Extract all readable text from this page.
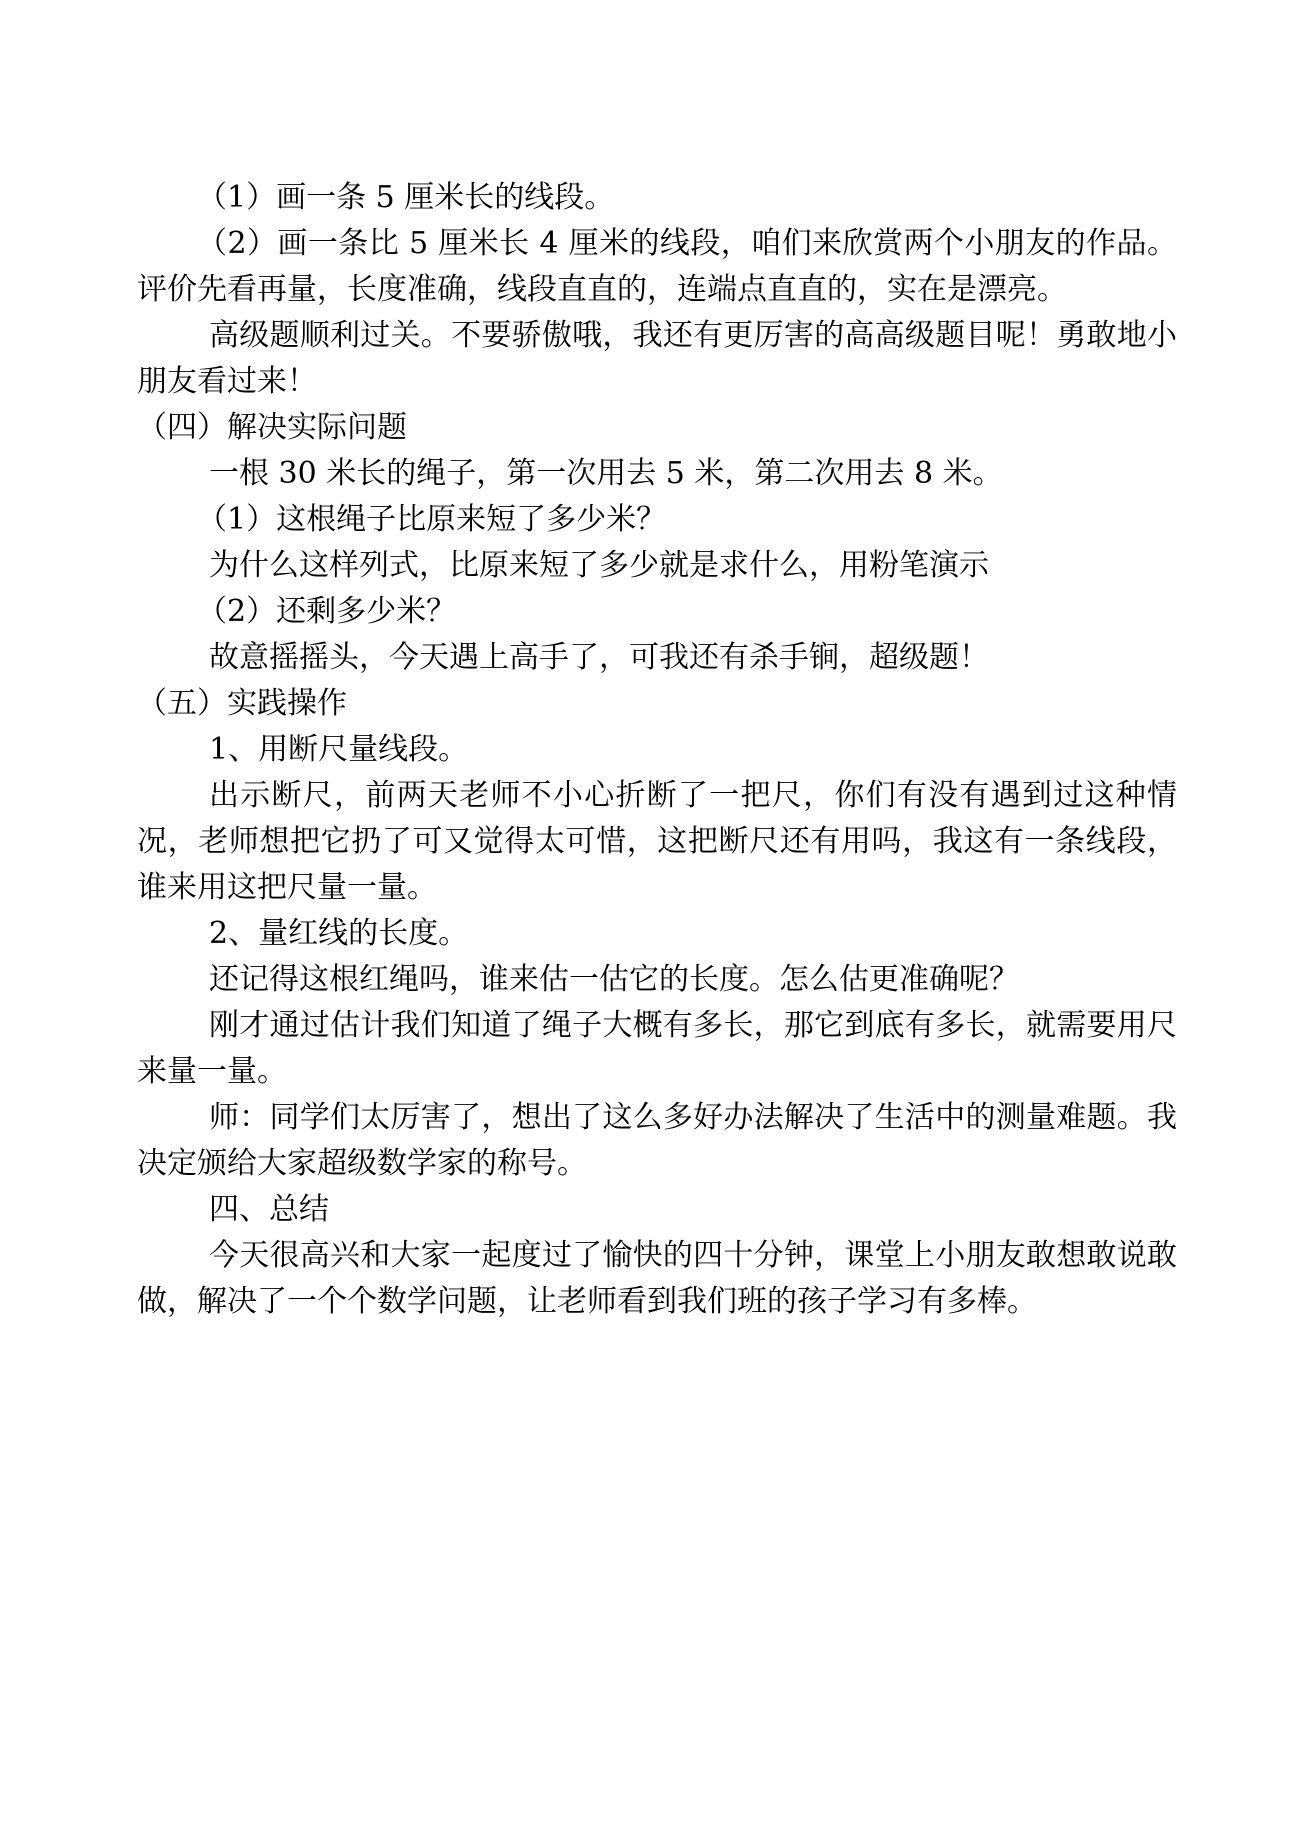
（1）画一条 5 厘米长的线段。

（2）画一条比 5 厘米长 4 厘米的线段，咱们来欣赏两个小朋友的作品。评价先看再量，长度准确，线段直直的，连端点直直的，实在是漂亮。

高级题顺利过关。不要骄傲哦，我还有更厉害的高高级题目呢！勇敢地小朋友看过来！

（四）解决实际问题

一根 30 米长的绳子，第一次用去 5 米，第二次用去 8 米。

（1）这根绳子比原来短了多少米？

为什么这样列式，比原来短了多少就是求什么，用粉笔演示

（2）还剩多少米？

故意摇摇头，今天遇上高手了，可我还有杀手锏，超级题！

（五）实践操作

1、用断尺量线段。

出示断尺，前两天老师不小心折断了一把尺，你们有没有遇到过这种情况，老师想把它扔了可又觉得太可惜，这把断尺还有用吗，我这有一条线段，谁来用这把尺量一量。

2、量红线的长度。

还记得这根红绳吗，谁来估一估它的长度。怎么估更准确呢？

刚才通过估计我们知道了绳子大概有多长，那它到底有多长，就需要用尺来量一量。

师：同学们太厉害了，想出了这么多好办法解决了生活中的测量难题。我决定颁给大家超级数学家的称号。

四、总结

今天很高兴和大家一起度过了愉快的四十分钟，课堂上小朋友敢想敢说敢做，解决了一个个数学问题，让老师看到我们班的孩子学习有多棒。
